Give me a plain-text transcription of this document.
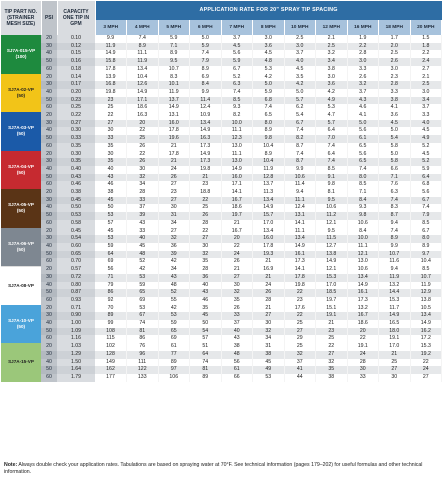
TIP PART NO. (STRAINER MESH SIZE)	PSI	CAPACITY ONE TIP IN GPM	APPLICATION RATE FOR 20" SPRAY TIP SPACING										
			3 MPH	4 MPH	5 MPH	6 MPH	7 MPH	8 MPH	10 MPH	12 MPH	16 MPH	18 MPH	20 MPH

SJ7A-015-VP
(100)	20	0.10	9.9	7.4	5.9	5.0	3.7	3.0	2.5	2.1	1.9	1.7	1.5
	30	0.12	11.9	8.9	7.1	5.9	4.5	3.6	3.0	2.5	2.2	2.0	1.8
	40	0.15	14.9	11.1	8.9	7.4	5.6	4.5	3.7	3.2	2.8	2.5	2.2
	50	0.16	15.8	11.9	9.5	7.9	5.9	4.8	4.0	3.4	3.0	2.6	2.4
	60	0.18	17.8	13.4	10.7	8.9	6.7	5.3	4.5	3.8	3.3	3.0	2.7

SJ7A-02-VP
(50)	20	0.14	13.9	10.4	8.3	6.9	5.2	4.2	3.5	3.0	2.6	2.3	2.1
	30	0.17	16.8	12.6	10.1	8.4	6.3	5.0	4.2	3.6	3.2	2.8	2.5
	40	0.20	19.8	14.9	11.9	9.9	7.4	5.9	5.0	4.2	3.7	3.3	3.0
	50	0.23	23	17.1	13.7	11.4	8.5	6.8	5.7	4.9	4.3	3.8	3.4
	60	0.25	25	18.6	14.9	12.4	9.3	7.4	6.2	5.3	4.6	4.1	3.7

SJ7A-03-VP
(50)	20	0.22	22	16.3	13.1	10.9	8.2	6.5	5.4	4.7	4.1	3.6	3.3
	30	0.27	27	20	16.0	13.4	10.0	8.0	6.7	5.7	5.0	4.5	4.0
	40	0.30	30	22	17.8	14.9	11.1	8.9	7.4	6.4	5.6	5.0	4.5
	50	0.33	33	25	19.6	16.3	12.3	9.8	8.2	7.0	6.1	5.4	4.9
	60	0.35	35	26	21	17.3	13.0	10.4	8.7	7.4	6.5	5.8	5.2

SJ7A-04-VP
(50)	20	0.30	30	22	17.8	14.9	11.1	8.9	7.4	6.4	5.6	5.0	4.5
	30	0.35	35	26	21	17.3	13.0	10.4	8.7	7.4	6.5	5.8	5.2
	40	0.40	40	30	24	19.8	14.9	11.9	9.9	8.5	7.4	6.6	5.9
	50	0.43	43	32	26	21	16.0	12.8	10.6	9.1	8.0	7.1	6.4
	60	0.46	46	34	27	23	17.1	13.7	11.4	9.8	8.5	7.6	6.8

SJ7A-05-VP
(50)	20	0.38	38	28	23	18.8	14.1	11.3	9.4	8.1	7.1	6.3	5.6
	30	0.45	45	33	27	22	16.7	13.4	11.1	9.5	8.4	7.4	6.7
	40	0.50	50	37	30	25	18.6	14.9	12.4	10.6	9.3	8.3	7.4
	50	0.53	53	39	31	26	19.7	15.7	13.1	11.2	9.8	8.7	7.9
	60	0.58	57	43	34	28	21	17.0	14.1	12.1	10.6	9.4	8.5

SJ7A-06-VP
(50)	20	0.45	45	33	27	22	16.7	13.4	11.1	9.5	8.4	7.4	6.7
	30	0.54	53	40	32	27	20	16.0	13.4	11.5	10.0	8.9	8.0
	40	0.60	59	45	36	30	22	17.8	14.9	12.7	11.1	9.9	8.9
	50	0.65	64	48	39	32	24	19.3	16.1	13.8	12.1	10.7	9.7
	60	0.70	69	52	42	35	26	21	17.3	14.9	13.0	11.6	10.4

SJ7A-08-VP	20	0.57	56	42	34	28	21	16.9	14.1	12.1	10.6	9.4	8.5
	30	0.72	71	53	43	36	27	21	17.8	15.3	13.4	11.9	10.7
	40	0.80	79	59	48	40	30	24	19.8	17.0	14.9	13.2	11.9
	50	0.87	86	65	52	43	32	26	22	18.5	16.1	14.4	12.9
	60	0.93	92	69	55	46	35	28	23	19.7	17.3	15.3	13.8

SJ7A-10-VP
(50)	20	0.71	70	53	42	35	26	21	17.6	15.1	13.2	11.7	10.5
	30	0.90	89	67	53	45	33	27	22	19.1	16.7	14.9	13.4
	40	1.00	99	74	59	50	37	30	25	21	18.6	16.5	14.9
	50	1.09	108	81	65	54	40	32	27	23	20	18.0	16.2
	60	1.16	115	86	69	57	43	34	29	25	22	19.1	17.2

SJ7A-15-VP	20	1.03	102	76	61	51	38	31	25	22	19.1	17.0	15.3
	30	1.29	128	96	77	64	48	38	32	27	24	21	19.2
	40	1.50	149	111	89	74	56	45	37	32	28	25	22
	50	1.64	162	122	97	81	61	49	41	35	30	27	24
	60	1.79	177	133	106	89	66	53	44	38	33	30	27
Note: Always double check your application rates. Tabulations are based on spraying water at 70°F. See technical information (pages 179–202) for useful formulas and other technical information.
